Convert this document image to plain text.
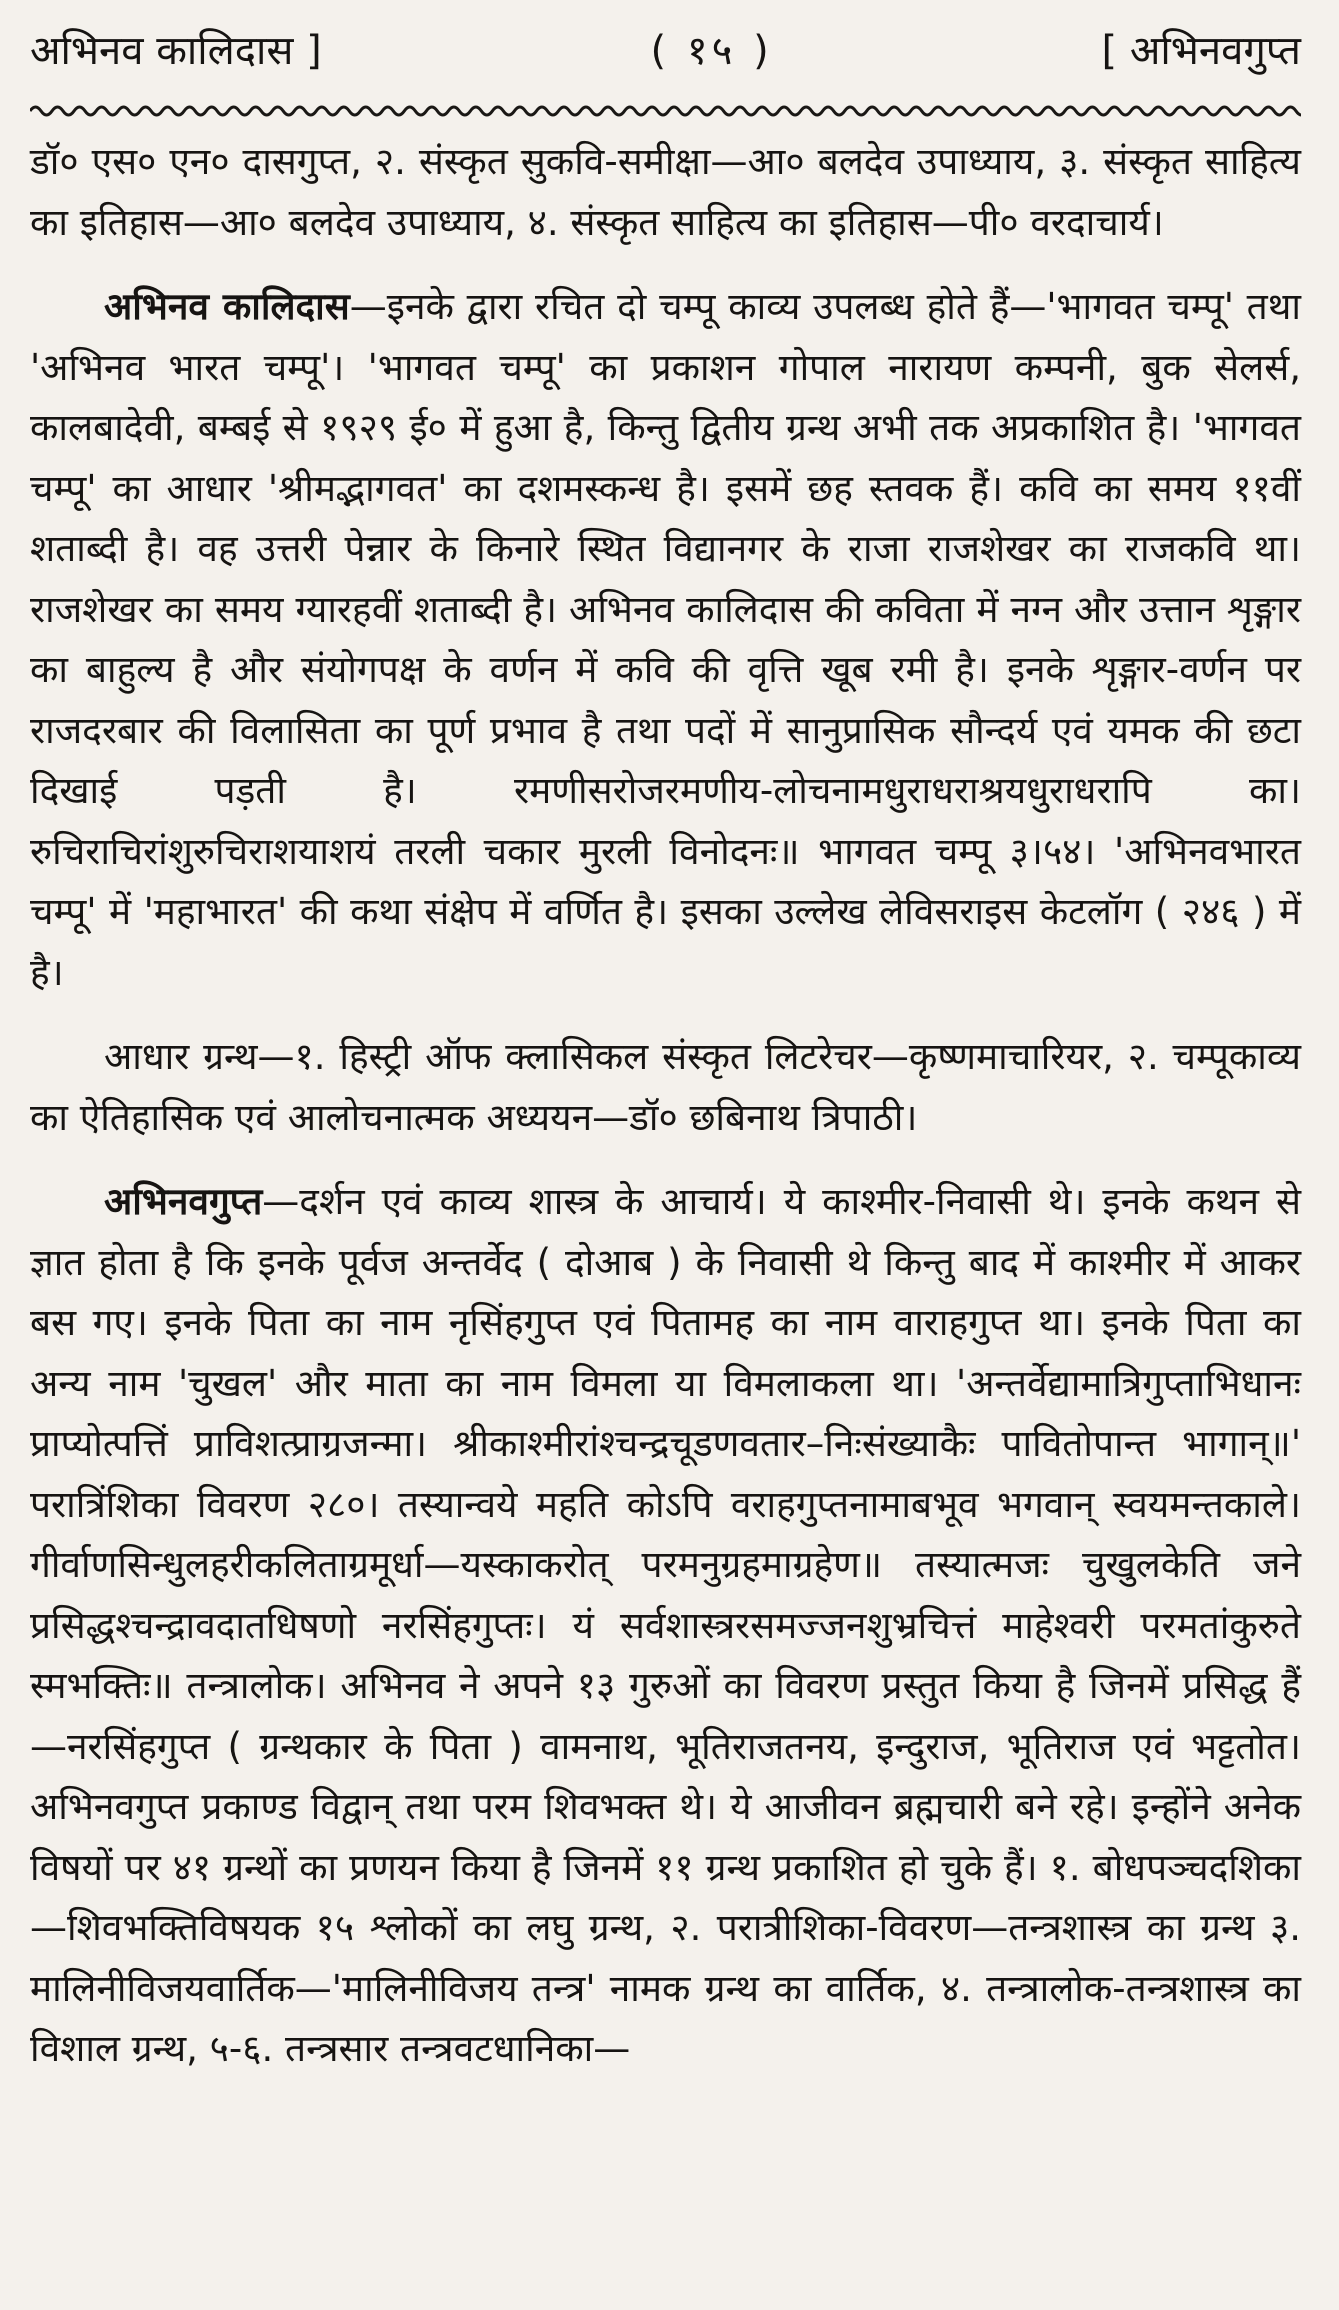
अभिनव कालिदास ]	( १५ )	[ अभिनवगुप्त

डॉ० एस० एन० दासगुप्त, २. संस्कृत सुकवि-समीक्षा—आ० बलदेव उपाध्याय, ३. संस्कृत साहित्य का इतिहास—आ० बलदेव उपाध्याय, ४. संस्कृत साहित्य का इतिहास—पी० वरदाचार्य।

अभिनव कालिदास—इनके द्वारा रचित दो चम्पू काव्य उपलब्ध होते हैं—'भागवत चम्पू' तथा 'अभिनव भारत चम्पू'। 'भागवत चम्पू' का प्रकाशन गोपाल नारायण कम्पनी, बुक सेलर्स, कालबादेवी, बम्बई से १९२९ ई० में हुआ है, किन्तु द्वितीय ग्रन्थ अभी तक अप्रकाशित है। 'भागवत चम्पू' का आधार 'श्रीमद्भागवत' का दशमस्कन्ध है। इसमें छह स्तवक हैं। कवि का समय ११वीं शताब्दी है। वह उत्तरी पेन्नार के किनारे स्थित विद्यानगर के राजा राजशेखर का राजकवि था। राजशेखर का समय ग्यारहवीं शताब्दी है। अभिनव कालिदास की कविता में नग्न और उत्तान शृङ्गार का बाहुल्य है और संयोगपक्ष के वर्णन में कवि की वृत्ति खूब रमी है। इनके शृङ्गार-वर्णन पर राजदरबार की विलासिता का पूर्ण प्रभाव है तथा पदों में सानुप्रासिक सौन्दर्य एवं यमक की छटा दिखाई पड़ती है। रमणीसरोजरमणीय-लोचनामधुराधराश्रयधुराधरापि का। रुचिराचिरांशुरुचिराशयाशयं तरली चकार मुरली विनोदनः॥ भागवत चम्पू ३।५४। 'अभिनवभारत चम्पू' में 'महाभारत' की कथा संक्षेप में वर्णित है। इसका उल्लेख लेविसराइस केटलॉग ( २४६ ) में है।

आधार ग्रन्थ—१. हिस्ट्री ऑफ क्लासिकल संस्कृत लिटरेचर—कृष्णमाचारियर, २. चम्पूकाव्य का ऐतिहासिक एवं आलोचनात्मक अध्ययन—डॉ० छबिनाथ त्रिपाठी।

अभिनवगुप्त—दर्शन एवं काव्य शास्त्र के आचार्य। ये काश्मीर-निवासी थे। इनके कथन से ज्ञात होता है कि इनके पूर्वज अन्तर्वेद ( दोआब ) के निवासी थे किन्तु बाद में काश्मीर में आकर बस गए। इनके पिता का नाम नृसिंहगुप्त एवं पितामह का नाम वाराहगुप्त था। इनके पिता का अन्य नाम 'चुखल' और माता का नाम विमला या विमलाकला था। 'अन्तर्वेद्यामात्रिगुप्ताभिधानः प्राप्योत्पत्तिं प्राविशत्प्राग्रजन्मा। श्रीकाश्मीरांश्चन्द्रचूडणवतार–निःसंख्याकैः पावितोपान्त भागान्॥' परात्रिंशिका विवरण २८०। तस्यान्वये महति कोऽपि वराहगुप्तनामाबभूव भगवान् स्वयमन्तकाले। गीर्वाणसिन्धुलहरीकलिताग्रमूर्धा—यस्काकरोत् परमनुग्रहमाग्रहेण॥ तस्यात्मजः चुखुलकेति जने प्रसिद्धश्चन्द्रावदातधिषणो नरसिंहगुप्तः। यं सर्वशास्त्ररसमज्जनशुभ्रचित्तं माहेश्वरी परमतांकुरुते स्मभक्तिः॥ तन्त्रालोक। अभिनव ने अपने १३ गुरुओं का विवरण प्रस्तुत किया है जिनमें प्रसिद्ध हैं—नरसिंहगुप्त ( ग्रन्थकार के पिता ) वामनाथ, भूतिराजतनय, इन्दुराज, भूतिराज एवं भट्टतोत। अभिनवगुप्त प्रकाण्ड विद्वान् तथा परम शिवभक्त थे। ये आजीवन ब्रह्मचारी बने रहे। इन्होंने अनेक विषयों पर ४१ ग्रन्थों का प्रणयन किया है जिनमें ११ ग्रन्थ प्रकाशित हो चुके हैं। १. बोधपञ्चदशिका—शिवभक्तिविषयक १५ श्लोकों का लघु ग्रन्थ, २. परात्रीशिका-विवरण—तन्त्रशास्त्र का ग्रन्थ ३. मालिनीविजयवार्तिक—'मालिनीविजय तन्त्र' नामक ग्रन्थ का वार्तिक, ४. तन्त्रालोक-तन्त्रशास्त्र का विशाल ग्रन्थ, ५-६. तन्त्रसार तन्त्रवटधानिका—
